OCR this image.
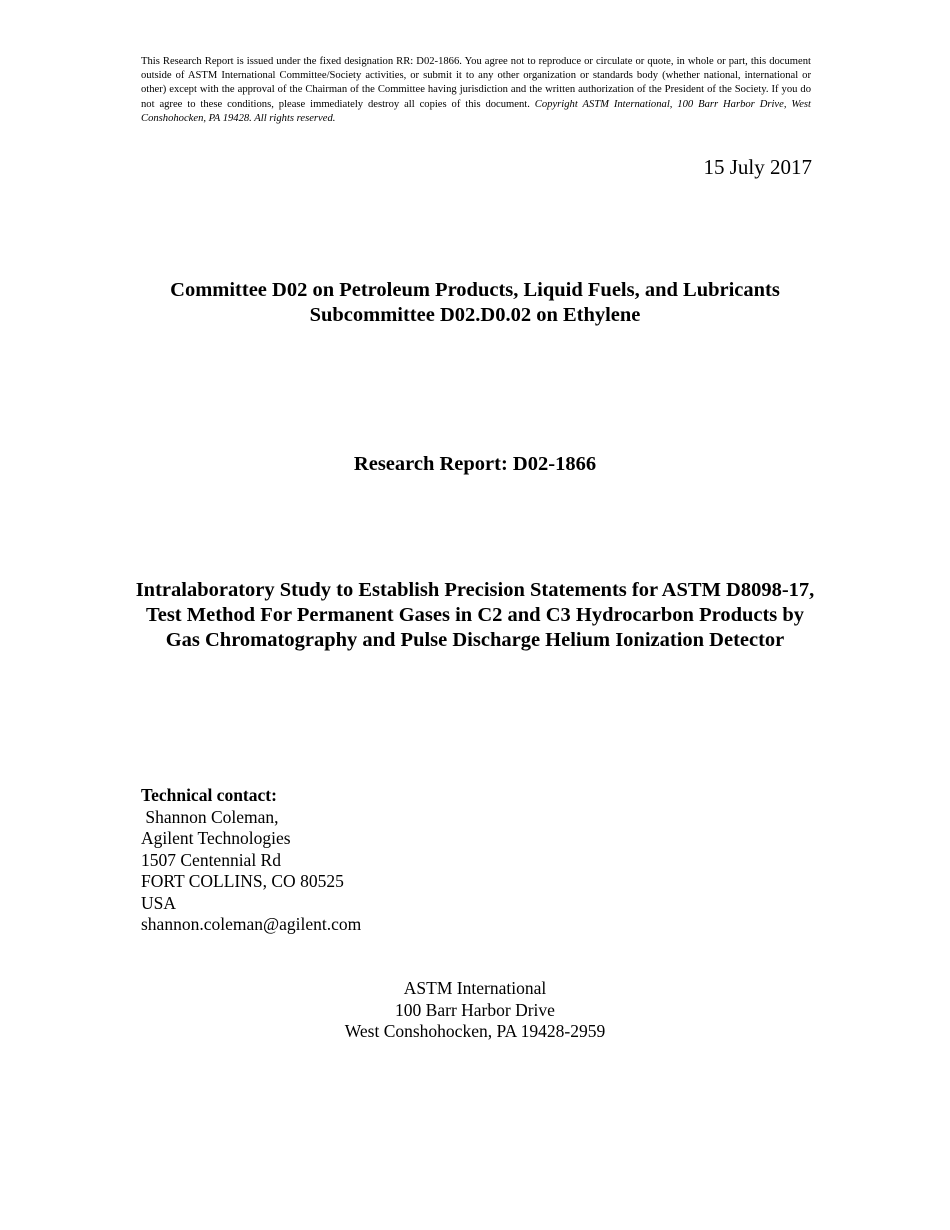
This Research Report is issued under the fixed designation RR: D02-1866. You agree not to reproduce or circulate or quote, in whole or part, this document outside of ASTM International Committee/Society activities, or submit it to any other organization or standards body (whether national, international or other) except with the approval of the Chairman of the Committee having jurisdiction and the written authorization of the President of the Society. If you do not agree to these conditions, please immediately destroy all copies of this document. Copyright ASTM International, 100 Barr Harbor Drive, West Conshohocken, PA 19428. All rights reserved.
15 July 2017
Committee D02 on Petroleum Products, Liquid Fuels, and Lubricants
Subcommittee D02.D0.02 on Ethylene
Research Report: D02-1866
Intralaboratory Study to Establish Precision Statements for ASTM D8098-17, Test Method For Permanent Gases in C2 and C3 Hydrocarbon Products by Gas Chromatography and Pulse Discharge Helium Ionization Detector
Technical contact:
Shannon Coleman,
Agilent Technologies
1507 Centennial Rd
FORT COLLINS, CO 80525
USA
shannon.coleman@agilent.com
ASTM International
100 Barr Harbor Drive
West Conshohocken, PA 19428-2959
